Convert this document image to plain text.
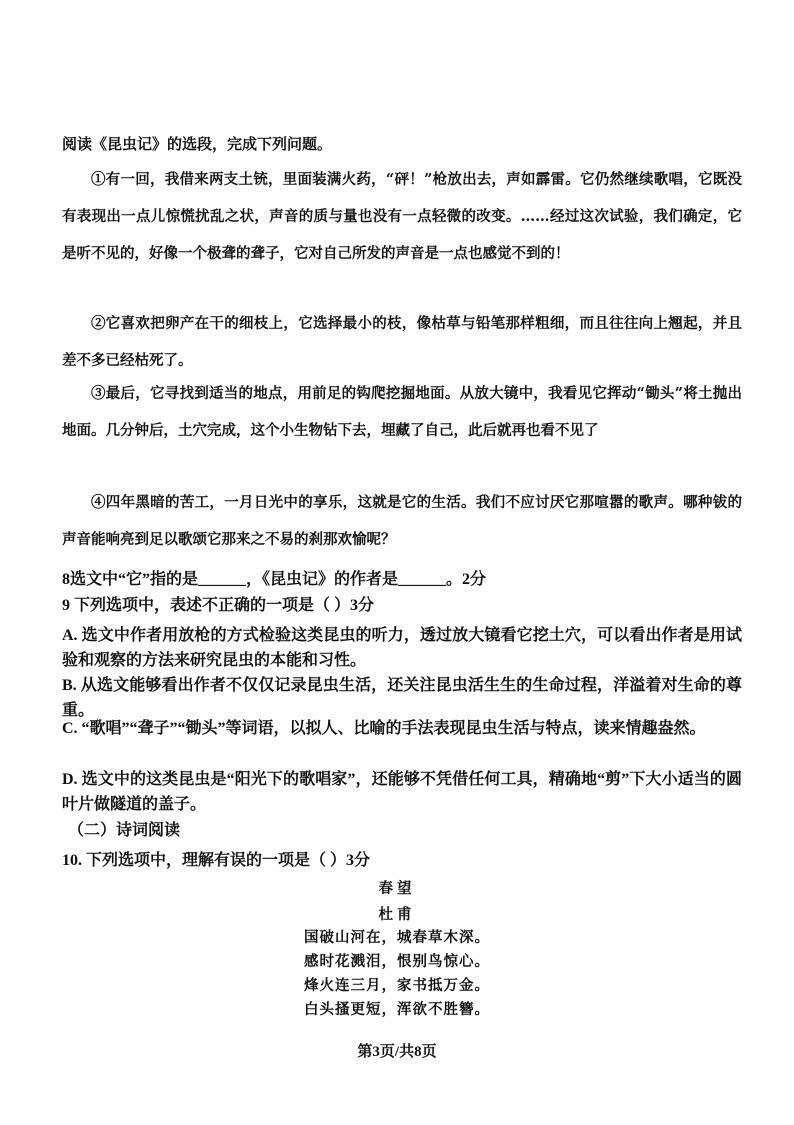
阅读《昆虫记》的选段，完成下列问题。
①有一回，我借来两支土铳，里面装满火药，“砰！”枪放出去，声如霹雷。它仍然继续歌唱，它既没有表现出一点儿惊慌扰乱之状，声音的质与量也没有一点轻微的改变。……经过这次试验，我们确定，它是听不见的，好像一个极聋的聋子，它对自己所发的声音是一点也感觉不到的！
②它喜欢把卵产在干的细枝上，它选择最小的枝，像枯草与铅笔那样粗细，而且往往向上翘起，并且差不多已经枯死了。
③最后，它寻找到适当的地点，用前足的钩爬挖掘地面。从放大镜中，我看见它挥动“锄头”将土抛出地面。几分钟后，土穴完成，这个小生物钻下去，埋藏了自己，此后就再也看不见了
④四年黑暗的苦工，一月日光中的享乐，这就是它的生活。我们不应讨厌它那喧嚣的歌声。哪种钹的声音能响亮到足以歌颂它那来之不易的刹那欢愉呢？
8选文中“它”指的是______，《昆虫记》的作者是______。2分
9 下列选项中，表述不正确的一项是（ ）3分
A. 选文中作者用放枪的方式检验这类昆虫的听力，透过放大镜看它挖土穴，可以看出作者是用试验和观察的方法来研究昆虫的本能和习性。
B. 从选文能够看出作者不仅仅记录昆虫生活，还关注昆虫活生生的生命过程，洋溢着对生命的尊重。
C. “歌唱”“聋子”“锄头”等词语，以拟人、比喻的手法表现昆虫生活与特点，读来情趣盎然。
D. 选文中的这类昆虫是“阳光下的歌唱家”，还能够不凭借任何工具，精确地“剪”下大小适当的圆叶片做隧道的盖子。
（二）诗词阅读
10. 下列选项中，理解有误的一项是（ ）3分
春望
杜甫
国破山河在，城春草木深。
感时花溅泪，恨别鸟惊心。
烽火连三月，家书抵万金。
白头搔更短，浑欲不胜簪。
第3页/共8页
